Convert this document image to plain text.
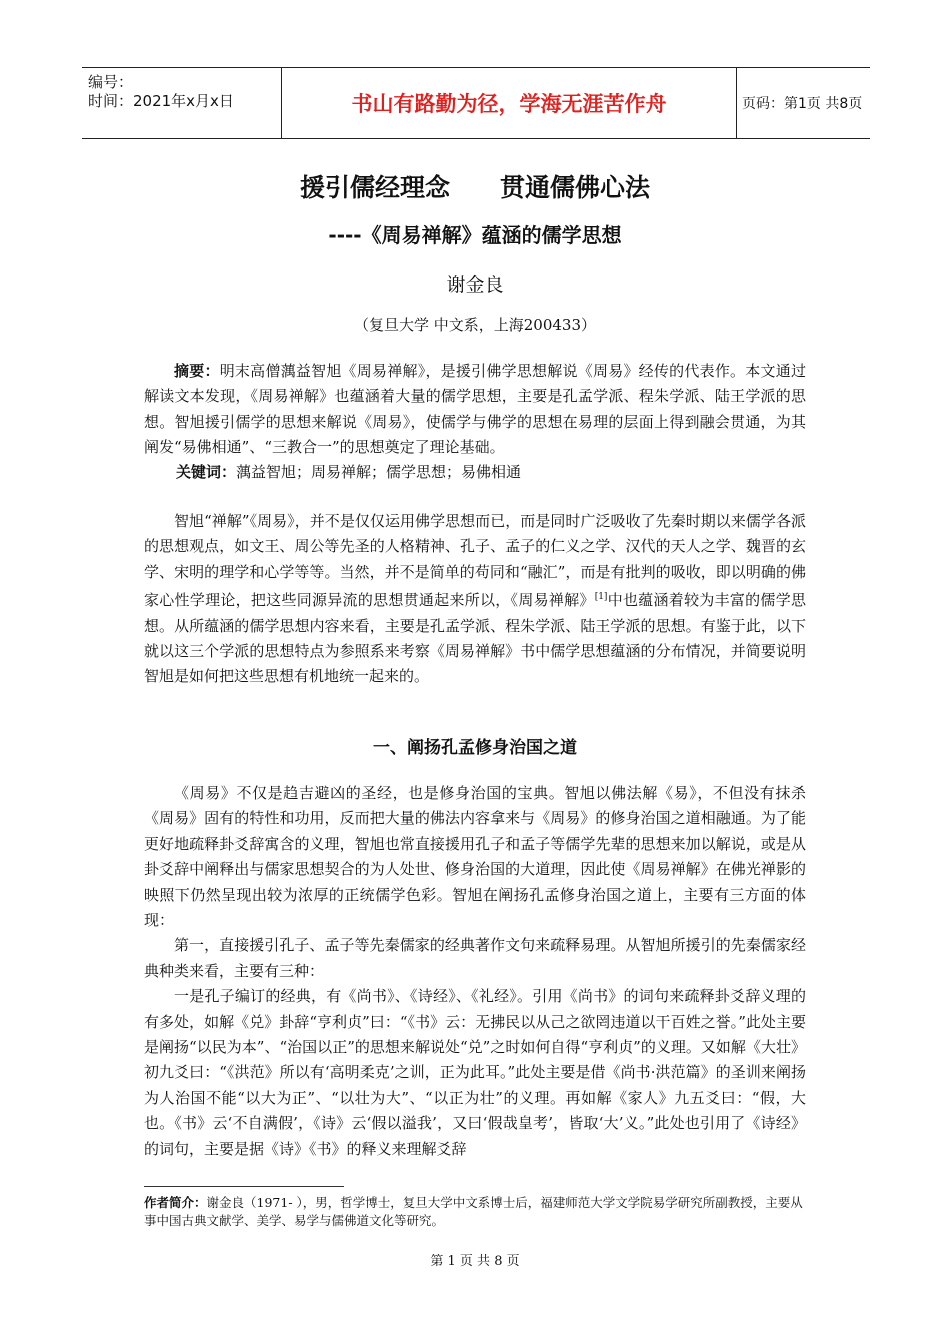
编号：
时间：2021年x月x日	书山有路勤为径，学海无涯苦作舟	页码：第1页 共8页
援引儒经理念 贯通儒佛心法
----《周易禅解》蕴涵的儒学思想
谢金良
（复旦大学 中文系，上海200433）

摘要：明末高僧蕅益智旭《周易禅解》，是援引佛学思想解说《周易》经传的代表作。本文通过解读文本发现，《周易禅解》也蕴涵着大量的儒学思想，主要是孔孟学派、程朱学派、陆王学派的思想。智旭援引儒学的思想来解说《周易》，使儒学与佛学的思想在易理的层面上得到融会贯通，为其阐发“易佛相通”、“三教合一”的思想奠定了理论基础。

关键词：蕅益智旭；周易禅解；儒学思想；易佛相通

智旭“禅解”《周易》，并不是仅仅运用佛学思想而已，而是同时广泛吸收了先秦时期以来儒学各派的思想观点，如文王、周公等先圣的人格精神、孔子、孟子的仁义之学、汉代的天人之学、魏晋的玄学、宋明的理学和心学等等。当然，并不是简单的苟同和“融汇”，而是有批判的吸收，即以明确的佛家心性学理论，把这些同源异流的思想贯通起来所以，《周易禅解》[1]中也蕴涵着较为丰富的儒学思想。从所蕴涵的儒学思想内容来看，主要是孔孟学派、程朱学派、陆王学派的思想。有鉴于此，以下就以这三个学派的思想特点为参照系来考察《周易禅解》书中儒学思想蕴涵的分布情况，并简要说明智旭是如何把这些思想有机地统一起来的。

一、阐扬孔孟修身治国之道

《周易》不仅是趋吉避凶的圣经，也是修身治国的宝典。智旭以佛法解《易》，不但没有抹杀《周易》固有的特性和功用，反而把大量的佛法内容拿来与《周易》的修身治国之道相融通。为了能更好地疏释卦爻辞寓含的义理，智旭也常直接援用孔子和孟子等儒学先辈的思想来加以解说，或是从卦爻辞中阐释出与儒家思想契合的为人处世、修身治国的大道理，因此使《周易禅解》在佛光禅影的映照下仍然呈现出较为浓厚的正统儒学色彩。智旭在阐扬孔孟修身治国之道上，主要有三方面的体现：

第一，直接援引孔子、孟子等先秦儒家的经典著作文句来疏释易理。从智旭所援引的先秦儒家经典种类来看，主要有三种：

一是孔子编订的经典，有《尚书》、《诗经》、《礼经》。引用《尚书》的词句来疏释卦爻辞义理的有多处，如解《兑》卦辞“亨利贞”曰：“《书》云：无拂民以从己之欲罔违道以干百姓之誉。”此处主要是阐扬“以民为本”、“治国以正”的思想来解说处“兑”之时如何自得“亨利贞”的义理。又如解《大壮》初九爻曰：“《洪范》所以有‘高明柔克’之训，正为此耳。”此处主要是借《尚书·洪范篇》的圣训来阐扬为人治国不能“以大为正”、“以壮为大”、“以正为壮”的义理。再如解《家人》九五爻曰：“假，大也。《书》云‘不自满假’，《诗》云‘假以溢我’，又曰‘假哉皇考’，皆取‘大’义。”此处也引用了《诗经》的词句，主要是据《诗》《书》的释义来理解爻辞

作者简介：谢金良（1971- ），男，哲学博士，复旦大学中文系博士后，福建师范大学文学院易学研究所副教授，主要从事中国古典文献学、美学、易学与儒佛道文化等研究。
第 1 页 共 8 页
